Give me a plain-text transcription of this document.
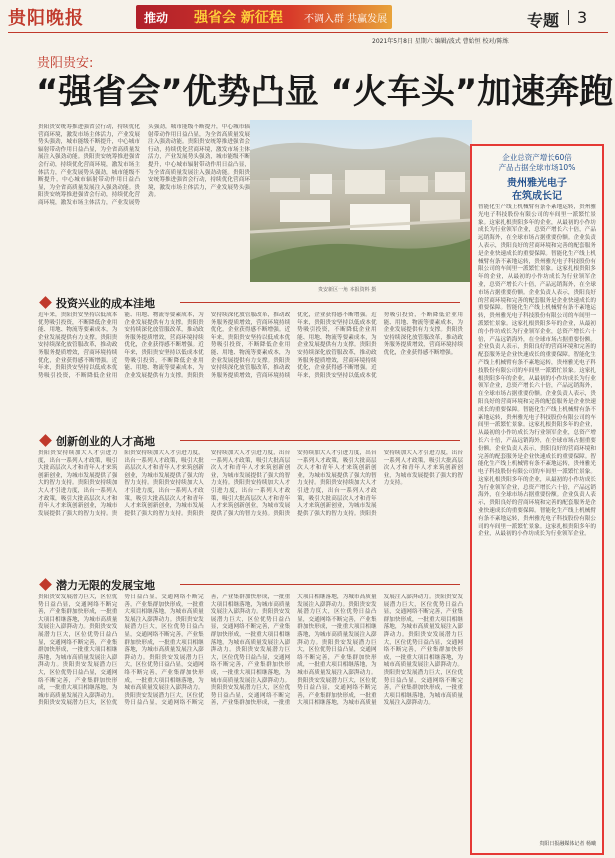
贵阳晚报	推动 强省会 新征程 不调入群 共赢发展	专题 3
2021年5月8日 星期六 编辑/波式 曹始恒 校对/陈炼
贵阳贵安:
“强省会”优势凸显 “火车头”加速奔跑
贵阳贵安统筹推进强省会行动，持续优化营商环境，激发市场主体活力，产业发展势头强劲，城市能级不断提升，中心城市辐射带动作用日益凸显，为全省高质量发展注入强劲动能。贵阳贵安统筹推进强省会行动，持续优化营商环境，激发市场主体活力，产业发展势头强劲，城市能级不断提升，中心城市辐射带动作用日益凸显，为全省高质量发展注入强劲动能。贵阳贵安统筹推进强省会行动，持续优化营商环境，激发市场主体活力，产业发展势头强劲，城市能级不断提升，中心城市辐射带动作用日益凸显，为全省高质量发展注入强劲动能。贵阳贵安统筹推进强省会行动，持续优化营商环境，激发市场主体活力，产业发展势头强劲，城市能级不断提升，中心城市辐射带动作用日益凸显，为全省高质量发展注入强劲动能。贵阳贵安统筹推进强省会行动，持续优化营商环境，激发市场主体活力，产业发展势头强劲。
贵安新区一角 本报资料 摄
投资兴业的成本洼地
近年来，贵阳贵安坚持以低成本优势吸引投资，不断降低企业用能、用地、物流等要素成本，为企业发展提供有力支撑。贵阳贵安持续深化放管服改革，推动政务服务提质增效，营商环境持续优化，企业获得感不断增强。近年来，贵阳贵安坚持以低成本优势吸引投资，不断降低企业用能、用地、物流等要素成本，为企业发展提供有力支撑。贵阳贵安持续深化放管服改革，推动政务服务提质增效，营商环境持续优化，企业获得感不断增强。近年来，贵阳贵安坚持以低成本优势吸引投资，不断降低企业用能、用地、物流等要素成本，为企业发展提供有力支撑。贵阳贵安持续深化放管服改革，推动政务服务提质增效，营商环境持续优化，企业获得感不断增强。近年来，贵阳贵安坚持以低成本优势吸引投资，不断降低企业用能、用地、物流等要素成本，为企业发展提供有力支撑。贵阳贵安持续深化放管服改革，推动政务服务提质增效，营商环境持续优化，企业获得感不断增强。近年来，贵阳贵安坚持以低成本优势吸引投资，不断降低企业用能、用地、物流等要素成本，为企业发展提供有力支撑。贵阳贵安持续深化放管服改革，推动政务服务提质增效，营商环境持续优化，企业获得感不断增强。近年来，贵阳贵安坚持以低成本优势吸引投资，不断降低企业用能、用地、物流等要素成本，为企业发展提供有力支撑。贵阳贵安持续深化放管服改革，推动政务服务提质增效，营商环境持续优化，企业获得感不断增强。
创新创业的人才高地
贵阳贵安持续加大人才引进力度，出台一系列人才政策，吸引大批高层次人才和青年人才来筑创新创业，为城市发展提供了强大的智力支持。贵阳贵安持续加大人才引进力度，出台一系列人才政策，吸引大批高层次人才和青年人才来筑创新创业，为城市发展提供了强大的智力支持。贵阳贵安持续加大人才引进力度，出台一系列人才政策，吸引大批高层次人才和青年人才来筑创新创业，为城市发展提供了强大的智力支持。贵阳贵安持续加大人才引进力度，出台一系列人才政策，吸引大批高层次人才和青年人才来筑创新创业，为城市发展提供了强大的智力支持。贵阳贵安持续加大人才引进力度，出台一系列人才政策，吸引大批高层次人才和青年人才来筑创新创业，为城市发展提供了强大的智力支持。贵阳贵安持续加大人才引进力度，出台一系列人才政策，吸引大批高层次人才和青年人才来筑创新创业，为城市发展提供了强大的智力支持。贵阳贵安持续加大人才引进力度，出台一系列人才政策，吸引大批高层次人才和青年人才来筑创新创业，为城市发展提供了强大的智力支持。贵阳贵安持续加大人才引进力度，出台一系列人才政策，吸引大批高层次人才和青年人才来筑创新创业，为城市发展提供了强大的智力支持。贵阳贵安持续加大人才引进力度，出台一系列人才政策，吸引大批高层次人才和青年人才来筑创新创业，为城市发展提供了强大的智力支持。
潜力无限的发展宝地
贵阳贵安发展潜力巨大，区位优势日益凸显，交通网络不断完善，产业集群加快形成，一批重大项目相继落地，为城市高质量发展注入澎湃动力。贵阳贵安发展潜力巨大，区位优势日益凸显，交通网络不断完善，产业集群加快形成，一批重大项目相继落地，为城市高质量发展注入澎湃动力。贵阳贵安发展潜力巨大，区位优势日益凸显，交通网络不断完善，产业集群加快形成，一批重大项目相继落地，为城市高质量发展注入澎湃动力。贵阳贵安发展潜力巨大，区位优势日益凸显，交通网络不断完善，产业集群加快形成，一批重大项目相继落地，为城市高质量发展注入澎湃动力。贵阳贵安发展潜力巨大，区位优势日益凸显，交通网络不断完善，产业集群加快形成，一批重大项目相继落地，为城市高质量发展注入澎湃动力。贵阳贵安发展潜力巨大，区位优势日益凸显，交通网络不断完善，产业集群加快形成，一批重大项目相继落地，为城市高质量发展注入澎湃动力。贵阳贵安发展潜力巨大，区位优势日益凸显，交通网络不断完善，产业集群加快形成，一批重大项目相继落地，为城市高质量发展注入澎湃动力。贵阳贵安发展潜力巨大，区位优势日益凸显，交通网络不断完善，产业集群加快形成，一批重大项目相继落地，为城市高质量发展注入澎湃动力。贵阳贵安发展潜力巨大，区位优势日益凸显，交通网络不断完善，产业集群加快形成，一批重大项目相继落地，为城市高质量发展注入澎湃动力。贵阳贵安发展潜力巨大，区位优势日益凸显，交通网络不断完善，产业集群加快形成，一批重大项目相继落地，为城市高质量发展注入澎湃动力。贵阳贵安发展潜力巨大，区位优势日益凸显，交通网络不断完善，产业集群加快形成，一批重大项目相继落地，为城市高质量发展注入澎湃动力。贵阳贵安发展潜力巨大，区位优势日益凸显，交通网络不断完善，产业集群加快形成，一批重大项目相继落地，为城市高质量发展注入澎湃动力。贵阳贵安发展潜力巨大，区位优势日益凸显，交通网络不断完善，产业集群加快形成，一批重大项目相继落地，为城市高质量发展注入澎湃动力。贵阳贵安发展潜力巨大，区位优势日益凸显，交通网络不断完善，产业集群加快形成，一批重大项目相继落地，为城市高质量发展注入澎湃动力。贵阳贵安发展潜力巨大，区位优势日益凸显，交通网络不断完善，产业集群加快形成，一批重大项目相继落地，为城市高质量发展注入澎湃动力。贵阳贵安发展潜力巨大，区位优势日益凸显，交通网络不断完善，产业集群加快形成，一批重大项目相继落地，为城市高质量发展注入澎湃动力。
企业总资产增长60倍
产品占据全球市场10%
贵州雅光电子
在筑成长记
智能化生产线上机械臂有条不紊地运转，贵州雅光电子科技股份有限公司的车间里一派繁忙景象。这家扎根贵阳多年的企业，从最初的小作坊成长为行业领军企业，总资产增长六十倍，产品远销海外，在全球市场占据重要份额。企业负责人表示，贵阳良好的营商环境和完善的配套服务是企业快速成长的重要保障。智能化生产线上机械臂有条不紊地运转，贵州雅光电子科技股份有限公司的车间里一派繁忙景象。这家扎根贵阳多年的企业，从最初的小作坊成长为行业领军企业，总资产增长六十倍，产品远销海外，在全球市场占据重要份额。企业负责人表示，贵阳良好的营商环境和完善的配套服务是企业快速成长的重要保障。智能化生产线上机械臂有条不紊地运转，贵州雅光电子科技股份有限公司的车间里一派繁忙景象。这家扎根贵阳多年的企业，从最初的小作坊成长为行业领军企业，总资产增长六十倍，产品远销海外，在全球市场占据重要份额。企业负责人表示，贵阳良好的营商环境和完善的配套服务是企业快速成长的重要保障。智能化生产线上机械臂有条不紊地运转，贵州雅光电子科技股份有限公司的车间里一派繁忙景象。这家扎根贵阳多年的企业，从最初的小作坊成长为行业领军企业，总资产增长六十倍，产品远销海外，在全球市场占据重要份额。企业负责人表示，贵阳良好的营商环境和完善的配套服务是企业快速成长的重要保障。智能化生产线上机械臂有条不紊地运转，贵州雅光电子科技股份有限公司的车间里一派繁忙景象。这家扎根贵阳多年的企业，从最初的小作坊成长为行业领军企业，总资产增长六十倍，产品远销海外，在全球市场占据重要份额。企业负责人表示，贵阳良好的营商环境和完善的配套服务是企业快速成长的重要保障。智能化生产线上机械臂有条不紊地运转，贵州雅光电子科技股份有限公司的车间里一派繁忙景象。这家扎根贵阳多年的企业，从最初的小作坊成长为行业领军企业，总资产增长六十倍，产品远销海外，在全球市场占据重要份额。企业负责人表示，贵阳良好的营商环境和完善的配套服务是企业快速成长的重要保障。智能化生产线上机械臂有条不紊地运转，贵州雅光电子科技股份有限公司的车间里一派繁忙景象。这家扎根贵阳多年的企业，从最初的小作坊成长为行业领军企业。
贵阳日报融媒体记者 杨曦
